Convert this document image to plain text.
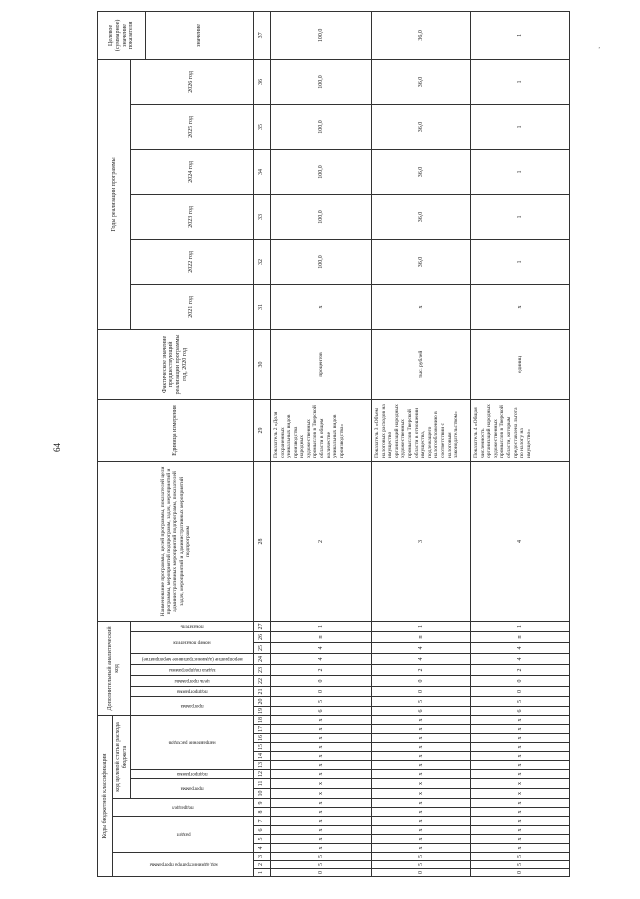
64
ʼ
Коды бюджетной классификации																		Дополнительный аналитический код									Наименование программы, целей программы, показателей цели программы, мероприятий подпрограмм, задач, мероприятий и административных мероприятий подпрограмм, показателей задач, мероприятий и административных мероприятий подпрограмм	Единица измерения	Фактическое значение предшествующий реализации программы год, 2020 год	Годы реализации программы						Целевое (суммарное) значение показателя	
код администратора программы			раздел				подраздел		код целевой статьи расхода бюджета																												
									программа		подпрограмма	направление расходов						программа		подпрограмма	цель программы	задача подпрограммы	мероприятие (административное мероприятие)	номер показателя		показатель				2021 год	2022 год	2023 год	2024 год	2025 год	2026 год		
																																				значение	
1	2	3	4	5	6	7	8	9	10	11	12	13	14	15	16	17	18	19	20	21	22	23	24	25	26	27	28	29	30	31	32	33	34	35	36	37	
0	5	5	х	х	х	х	х	х	х	х	х	х	х	х	х	х	х	6	5	0	0	2	4	4	п	1	2	Показатель 2 «Доля сохраненных уникальных видов производства народных художественных промыслов в Тверской области в общем количестве уникальных видов производства»	процентов	х	100,0	100,0	100,0	100,0	100,0	100,0	
0	5	5	х	х	х	х	х	х	х	х	х	х	х	х	х	х	х	6	5	0	0	2	4	4	п	1	3	Показатель 3 «Объем налоговых расходов на имущество организаций народных художественных промыслов Тверской области в отношении имущества, подлежащего налогообложению в соответствии с налоговым законодательством»	тыс. рублей	х	36,0	36,0	36,0	36,0	36,0	36,0	
0	5	5	х	х	х	х	х	х	х	х	х	х	х	х	х	х	х	6	5	0	0	2	4	4	п	1	4	Показатель 4 «Общая численность организаций народных художественных промыслов в Тверской области, которым предоставлена льгота по налогу на имущество»	единиц	х	1	1	1	1	1	1	
